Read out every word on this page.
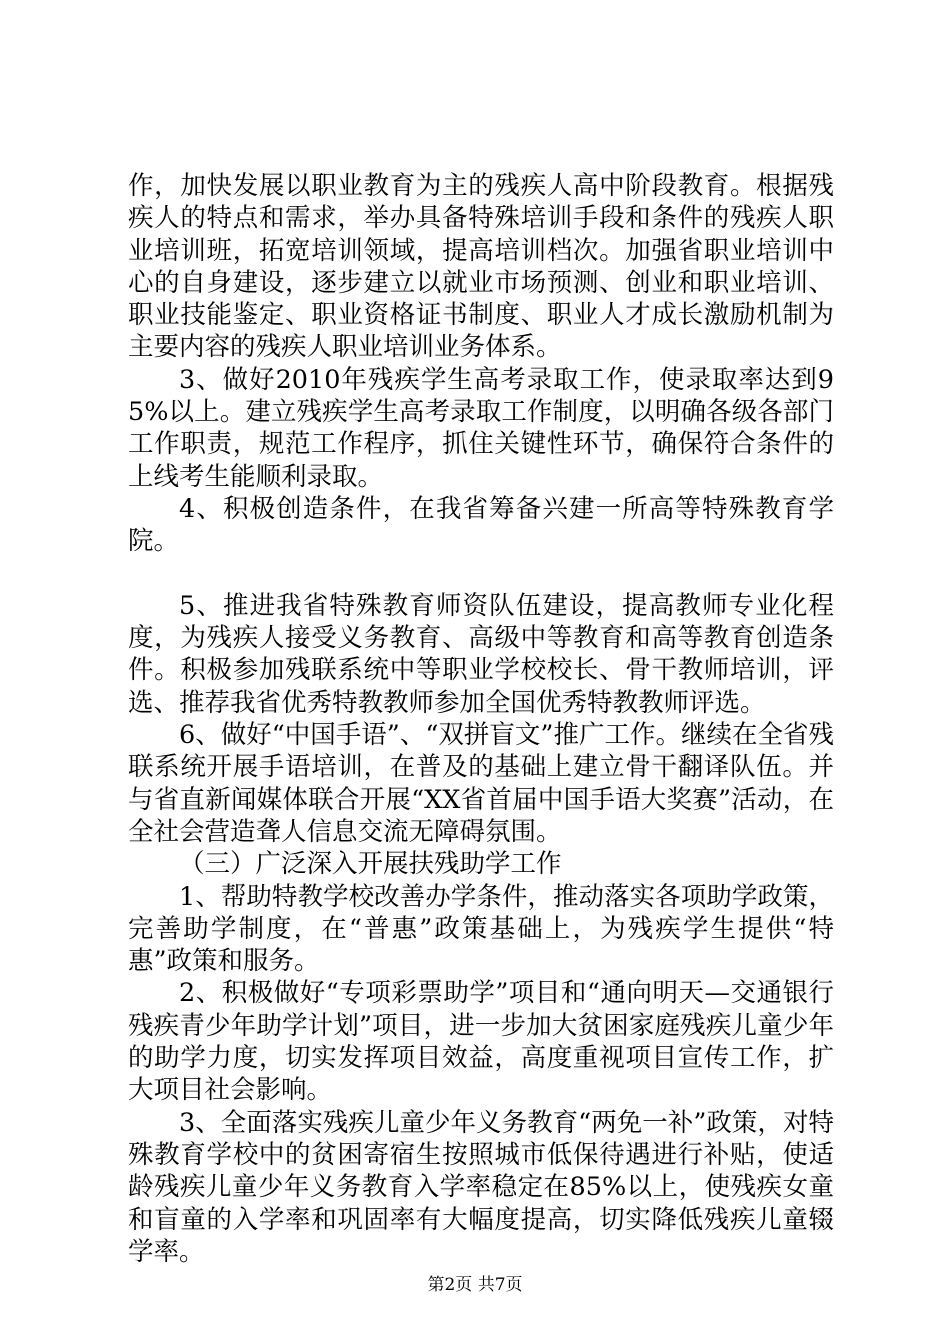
作，加快发展以职业教育为主的残疾人高中阶段教育。根据残疾人的特点和需求，举办具备特殊培训手段和条件的残疾人职业培训班，拓宽培训领域，提高培训档次。加强省职业培训中心的自身建设，逐步建立以就业市场预测、创业和职业培训、职业技能鉴定、职业资格证书制度、职业人才成长激励机制为主要内容的残疾人职业培训业务体系。

3、做好2010年残疾学生高考录取工作，使录取率达到95%以上。建立残疾学生高考录取工作制度，以明确各级各部门工作职责，规范工作程序，抓住关键性环节，确保符合条件的上线考生能顺利录取。

4、积极创造条件，在我省筹备兴建一所高等特殊教育学院。

5、推进我省特殊教育师资队伍建设，提高教师专业化程度，为残疾人接受义务教育、高级中等教育和高等教育创造条件。积极参加残联系统中等职业学校校长、骨干教师培训，评选、推荐我省优秀特教教师参加全国优秀特教教师评选。

6、做好“中国手语”、“双拼盲文”推广工作。继续在全省残联系统开展手语培训，在普及的基础上建立骨干翻译队伍。并与省直新闻媒体联合开展“XX省首届中国手语大奖赛”活动，在全社会营造聋人信息交流无障碍氛围。

（三）广泛深入开展扶残助学工作

1、帮助特教学校改善办学条件，推动落实各项助学政策，完善助学制度，在“普惠”政策基础上，为残疾学生提供“特惠”政策和服务。

2、积极做好“专项彩票助学”项目和“通向明天—交通银行残疾青少年助学计划”项目，进一步加大贫困家庭残疾儿童少年的助学力度，切实发挥项目效益，高度重视项目宣传工作，扩大项目社会影响。

3、全面落实残疾儿童少年义务教育“两免一补”政策，对特殊教育学校中的贫困寄宿生按照城市低保待遇进行补贴，使适龄残疾儿童少年义务教育入学率稳定在85%以上，使残疾女童和盲童的入学率和巩固率有大幅度提高，切实降低残疾儿童辍学率。

第2页 共7页
